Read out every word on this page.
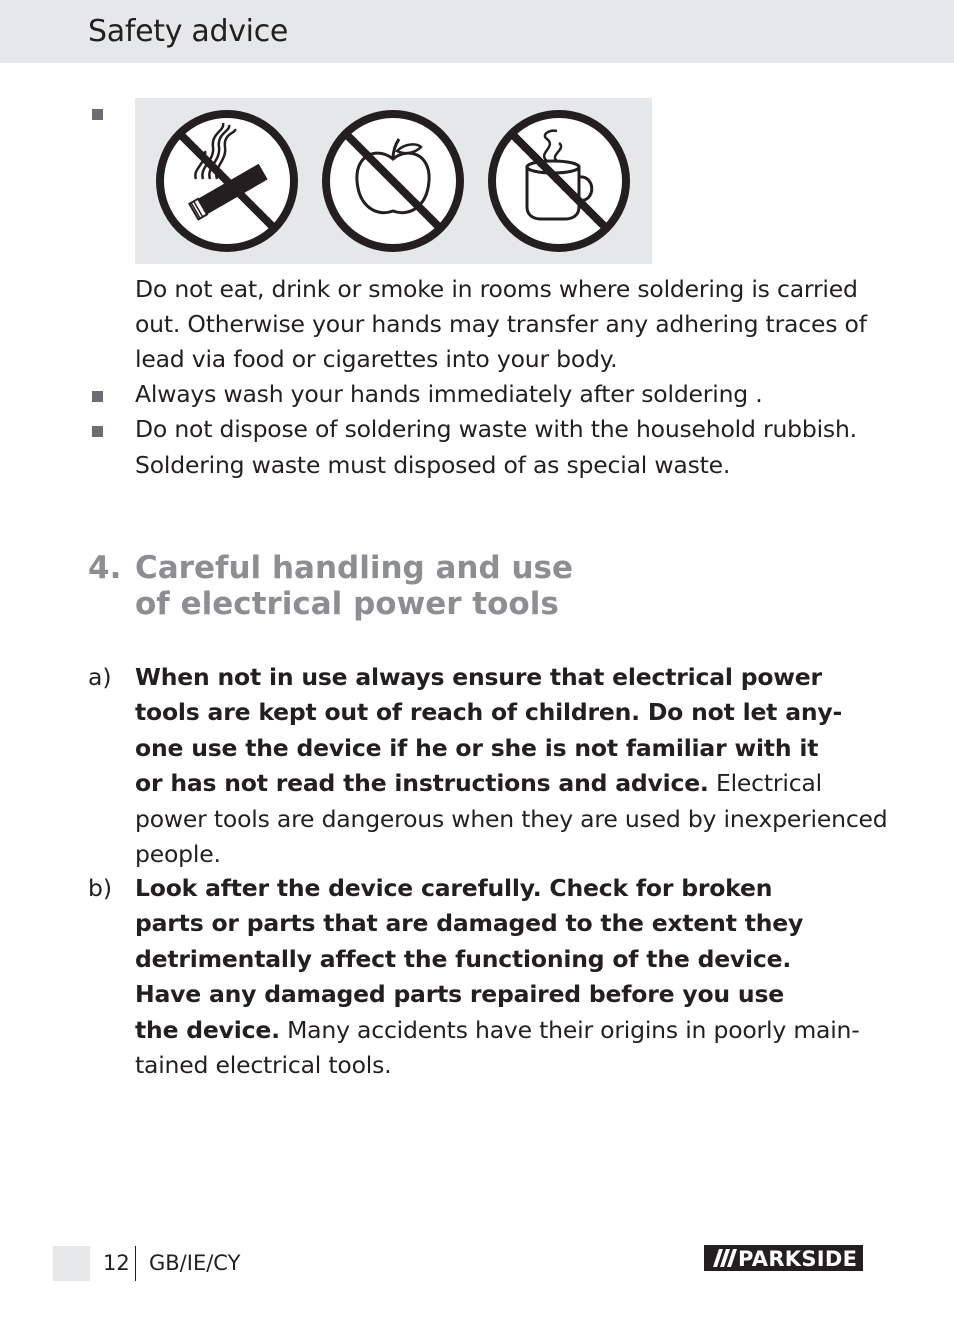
Safety advice
Do not eat, drink or smoke in rooms where soldering is carried
out. Otherwise your hands may transfer any adhering traces of
lead via food or cigarettes into your body.
Always wash your hands immediately after soldering .
Do not dispose of soldering waste with the household rubbish.
Soldering waste must disposed of as special waste.
4. Careful handling and use
of electrical power tools
a) When not in use always ensure that electrical power
tools are kept out of reach of children. Do not let any-
one use the device if he or she is not familiar with it
or has not read the instructions and advice. Electrical
power tools are dangerous when they are used by inexperienced
people.
b) Look after the device carefully. Check for broken
parts or parts that are damaged to the extent they
detrimentally affect the functioning of the device.
Have any damaged parts repaired before you use
the device. Many accidents have their origins in poorly main-
tained electrical tools.
12 GB/IE/CY	PARKSIDE
